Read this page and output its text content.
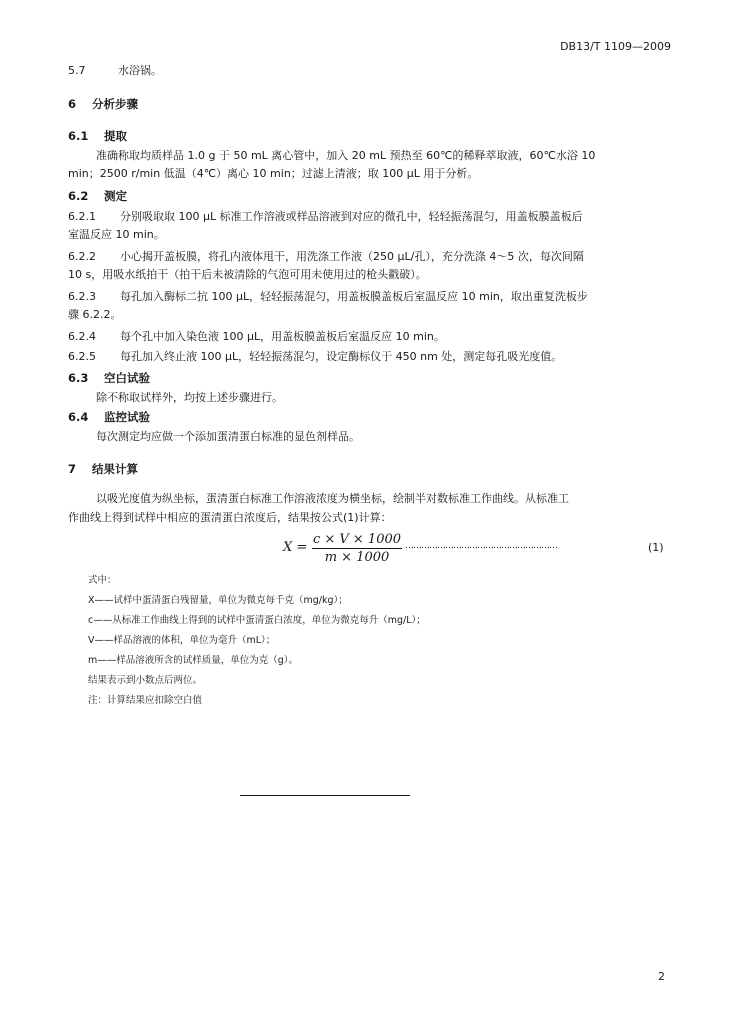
DB13/T 1109—2009
5.7	水浴锅。
6 分析步骤
6.1 提取
准确称取均质样品 1.0 g 于 50 mL 离心管中，加入 20 mL 预热至 60℃的稀释萃取液，60℃水浴 10
min；2500 r/min 低温（4℃）离心 10 min；过滤上清液；取 100 μL 用于分析。
6.2 测定
6.2.1 分别吸取取 100 μL 标准工作溶液或样品溶液到对应的微孔中，轻轻振荡混匀，用盖板膜盖板后
室温反应 10 min。
6.2.2 小心揭开盖板膜，将孔内液体甩干，用洗涤工作液（250 μL/孔），充分洗涤 4～5 次，每次间隔
10 s，用吸水纸拍干（拍干后未被清除的气泡可用未使用过的枪头戳破）。
6.2.3 每孔加入酶标二抗 100 μL，轻轻振荡混匀，用盖板膜盖板后室温反应 10 min，取出重复洗板步
骤 6.2.2。
6.2.4 每个孔中加入染色液 100 μL，用盖板膜盖板后室温反应 10 min。
6.2.5 每孔加入终止液 100 μL，轻轻振荡混匀，设定酶标仪于 450 nm 处，测定每孔吸光度值。
6.3 空白试验
除不称取试样外，均按上述步骤进行。
6.4 监控试验
每次测定均应做一个添加蛋清蛋白标准的显色剂样品。
7 结果计算
以吸光度值为纵坐标，蛋清蛋白标准工作溶液浓度为横坐标，绘制半对数标准工作曲线。从标准工
作曲线上得到试样中相应的蛋清蛋白浓度后，结果按公式(1)计算：
$X = \frac{c \times V \times 1000}{m \times 1000}$ …………………………………………………	(1)
式中：
X——试样中蛋清蛋白残留量，单位为微克每千克（mg/kg）；
c——从标准工作曲线上得到的试样中蛋清蛋白浓度，单位为微克每升（mg/L）；
V——样品溶液的体积，单位为毫升（mL）；
m——样品溶液所含的试样质量，单位为克（g）。
结果表示到小数点后两位。
注：计算结果应扣除空白值
2
